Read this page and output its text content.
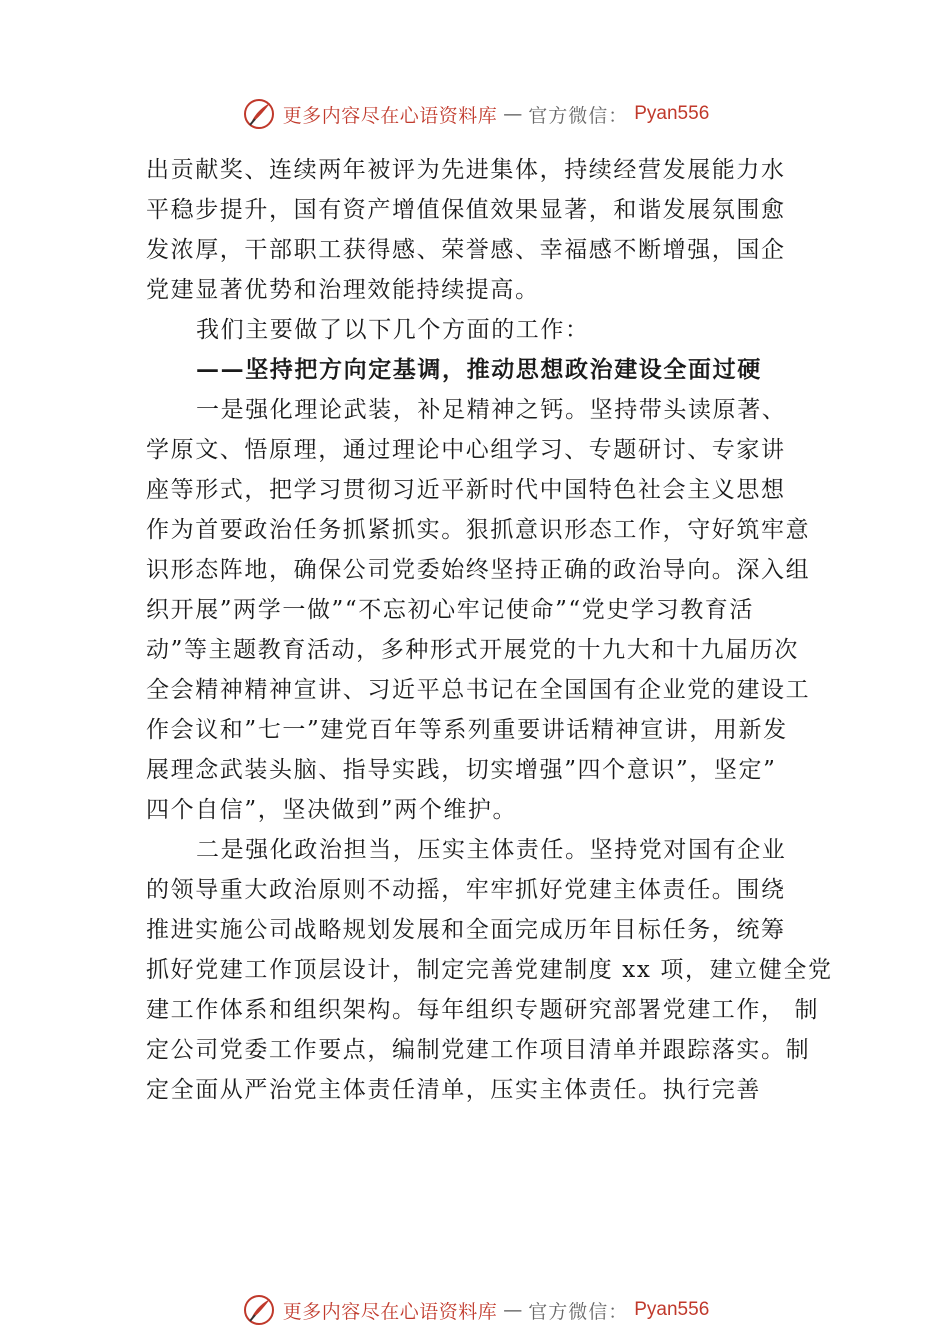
更多内容尽在心语资料库 — 官方微信： Pyan556
出贡献奖、连续两年被评为先进集体，持续经营发展能力水
平稳步提升，国有资产增值保值效果显著，和谐发展氛围愈
发浓厚，干部职工获得感、荣誉感、幸福感不断增强，国企
党建显著优势和治理效能持续提高。
我们主要做了以下几个方面的工作：
——坚持把方向定基调，推动思想政治建设全面过硬
一是强化理论武装，补足精神之钙。坚持带头读原著、
学原文、悟原理，通过理论中心组学习、专题研讨、专家讲
座等形式，把学习贯彻习近平新时代中国特色社会主义思想
作为首要政治任务抓紧抓实。狠抓意识形态工作，守好筑牢意
识形态阵地，确保公司党委始终坚持正确的政治导向。深入组
织开展”两学一做”“不忘初心牢记使命”“党史学习教育活
动”等主题教育活动，多种形式开展党的十九大和十九届历次
全会精神精神宣讲、习近平总书记在全国国有企业党的建设工
作会议和”七一”建党百年等系列重要讲话精神宣讲，用新发
展理念武装头脑、指导实践，切实增强”四个意识”，坚定”
四个自信”，坚决做到”两个维护。
二是强化政治担当，压实主体责任。坚持党对国有企业
的领导重大政治原则不动摇，牢牢抓好党建主体责任。围绕
推进实施公司战略规划发展和全面完成历年目标任务，统筹
抓好党建工作顶层设计，制定完善党建制度 xx 项，建立健全党
建工作体系和组织架构。每年组织专题研究部署党建工作， 制
定公司党委工作要点，编制党建工作项目清单并跟踪落实。制
定全面从严治党主体责任清单，压实主体责任。执行完善
更多内容尽在心语资料库 — 官方微信： Pyan556
